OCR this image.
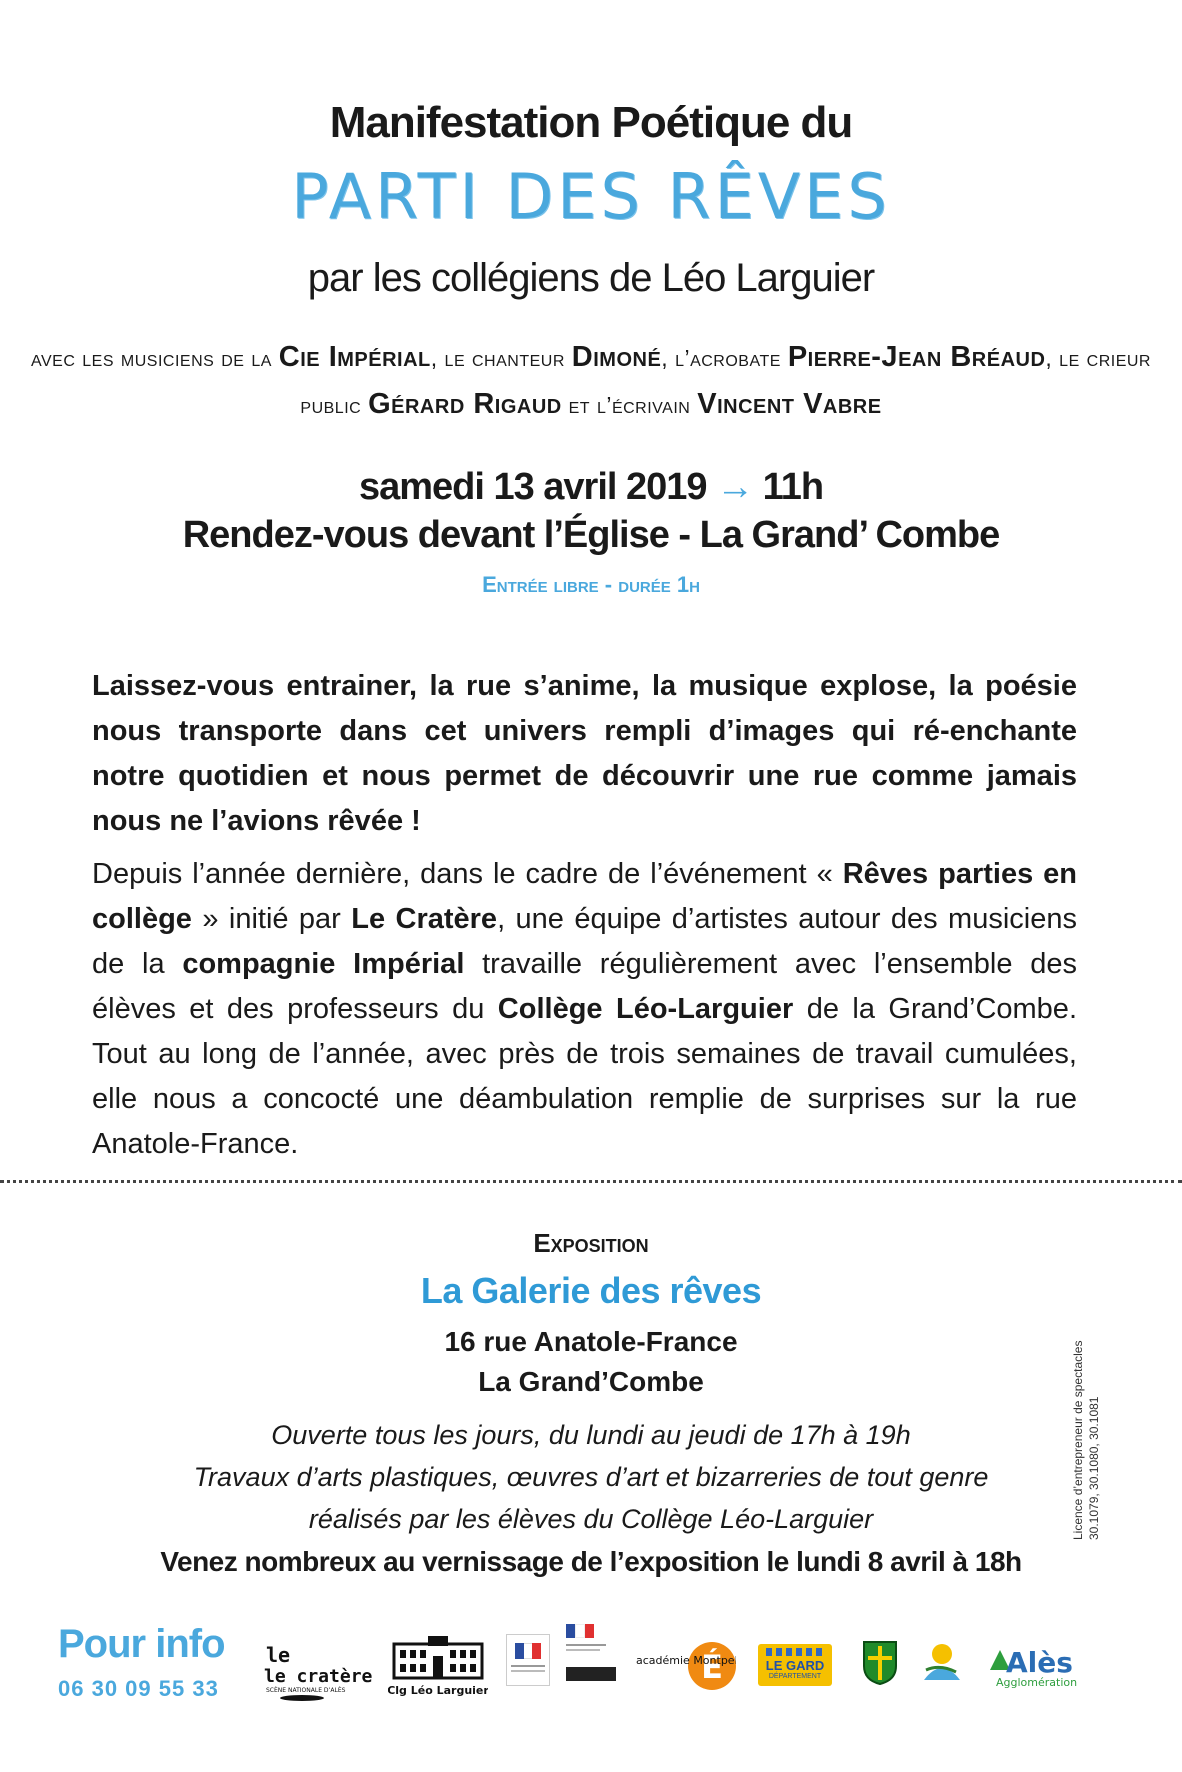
Manifestation Poétique du
PARTI DES RÊVES
par les collégiens de Léo Larguier
avec les musiciens de la Cie Impérial, le chanteur Dimoné, l’acrobate Pierre-Jean Bréaud, le crieur public Gérard Rigaud et l’écrivain Vincent Vabre
samedi 13 avril 2019 → 11h
Rendez-vous devant l’Église - La Grand’ Combe
Entrée libre - durée 1h
Laissez-vous entrainer, la rue s’anime, la musique explose, la poésie nous transporte dans cet univers rempli d’images qui ré-enchante notre quotidien et nous permet de découvrir une rue comme jamais nous ne l’avions rêvée !
Depuis l’année dernière, dans le cadre de l’événement « Rêves parties en collège » initié par Le Cratère, une équipe d’artistes autour des musiciens de la compagnie Impérial travaille régulièrement avec l’ensemble des élèves et des professeurs du Collège Léo-Larguier de la Grand’Combe. Tout au long de l’année, avec près de trois semaines de travail cumulées, elle nous a concocté une déambulation remplie de surprises sur la rue Anatole-France.
Exposition
La Galerie des rêves
16 rue Anatole-France
La Grand’Combe
Ouverte tous les jours, du lundi au jeudi de 17h à 19h
Travaux d’arts plastiques, œuvres d’art et bizarreries de tout genre
réalisés par les élèves du Collège Léo-Larguier
Venez nombreux au vernissage de l’exposition le lundi 8 avril à 18h
Licence d’entrepreneur de spectacles 30.1079, 30.1080, 30.1081
Pour info
06 30 09 55 33
le
le cratère
SCÈNE NATIONALE D’ALÈS	Clg Léo Larguier
É
académie Montpe	LE GARD
DÉPARTEMENT	Alès
Agglomération
